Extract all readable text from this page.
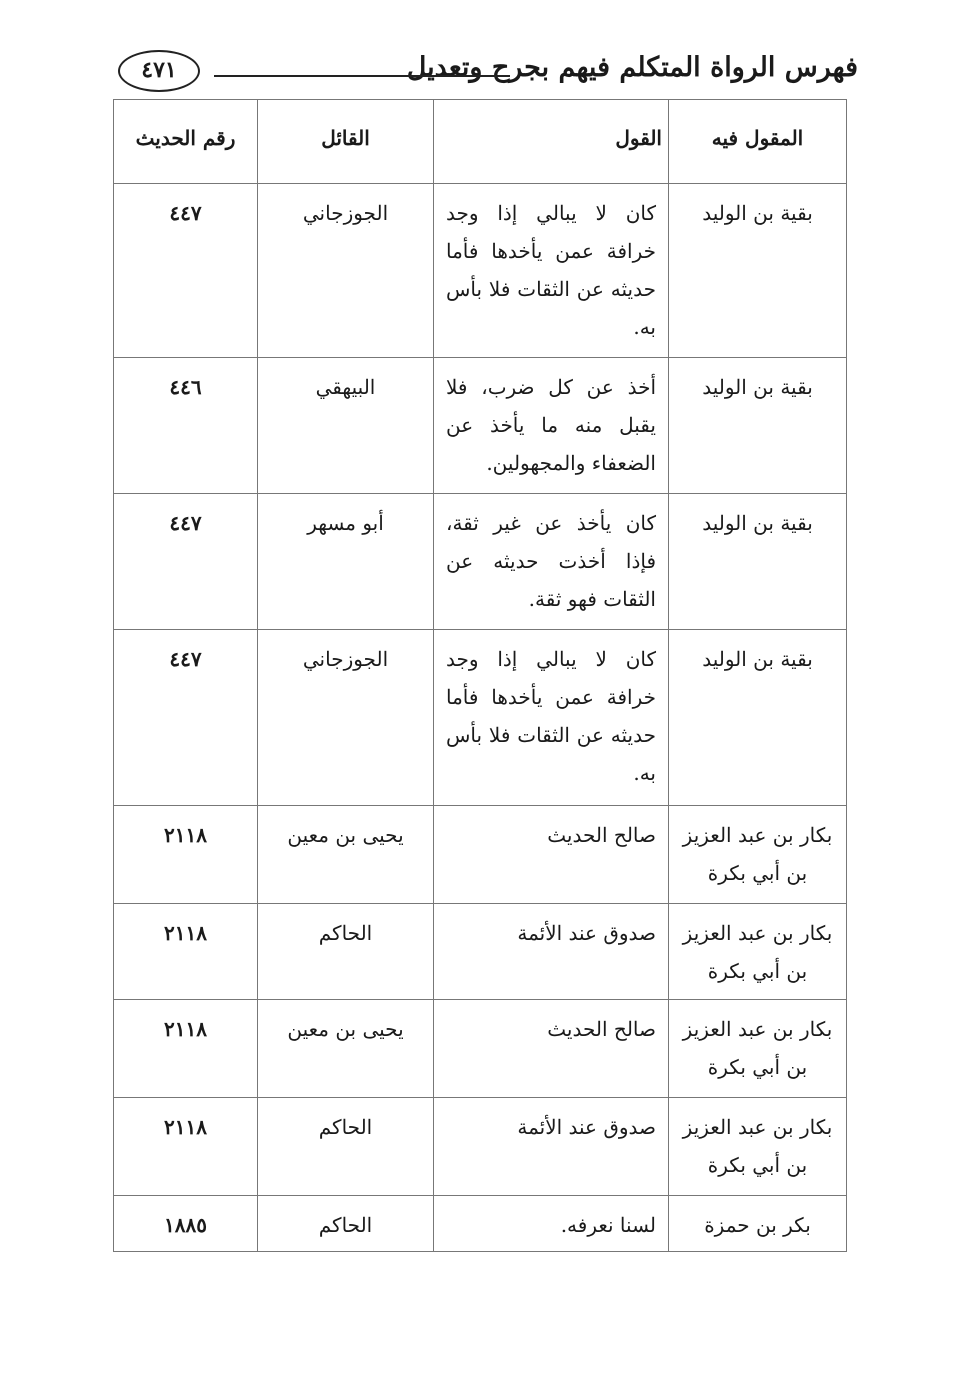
فهرس الرواة المتكلم فيهم بجرح وتعديل
٤٧١
المقول فيه	القول	القائل	رقم الحديث
بقية بن الوليد	كان لا يبالي إذا وجد خرافة عمن يأخدها فأما حديثه عن الثقات فلا بأس به.	الجوزجاني	٤٤٧
بقية بن الوليد	أخذ عن كل ضرب، فلا يقبل منه ما يأخذ عن الضعفاء والمجهولين.	البيهقي	٤٤٦
بقية بن الوليد	كان يأخذ عن غير ثقة، فإذا أخذت حديثه عن الثقات فهو ثقة.	أبو مسهر	٤٤٧
بقية بن الوليد	كان لا يبالي إذا وجد خرافة عمن يأخدها فأما حديثه عن الثقات فلا بأس به.	الجوزجاني	٤٤٧
بكار بن عبد العزيز بن أبي بكرة	صالح الحديث	يحيى بن معين	٢١١٨
بكار بن عبد العزيز بن أبي بكرة	صدوق عند الأئمة	الحاكم	٢١١٨
بكار بن عبد العزيز بن أبي بكرة	صالح الحديث	يحيى بن معين	٢١١٨
بكار بن عبد العزيز بن أبي بكرة	صدوق عند الأئمة	الحاكم	٢١١٨
بكر بن حمزة	لسنا نعرفه.	الحاكم	١٨٨٥
